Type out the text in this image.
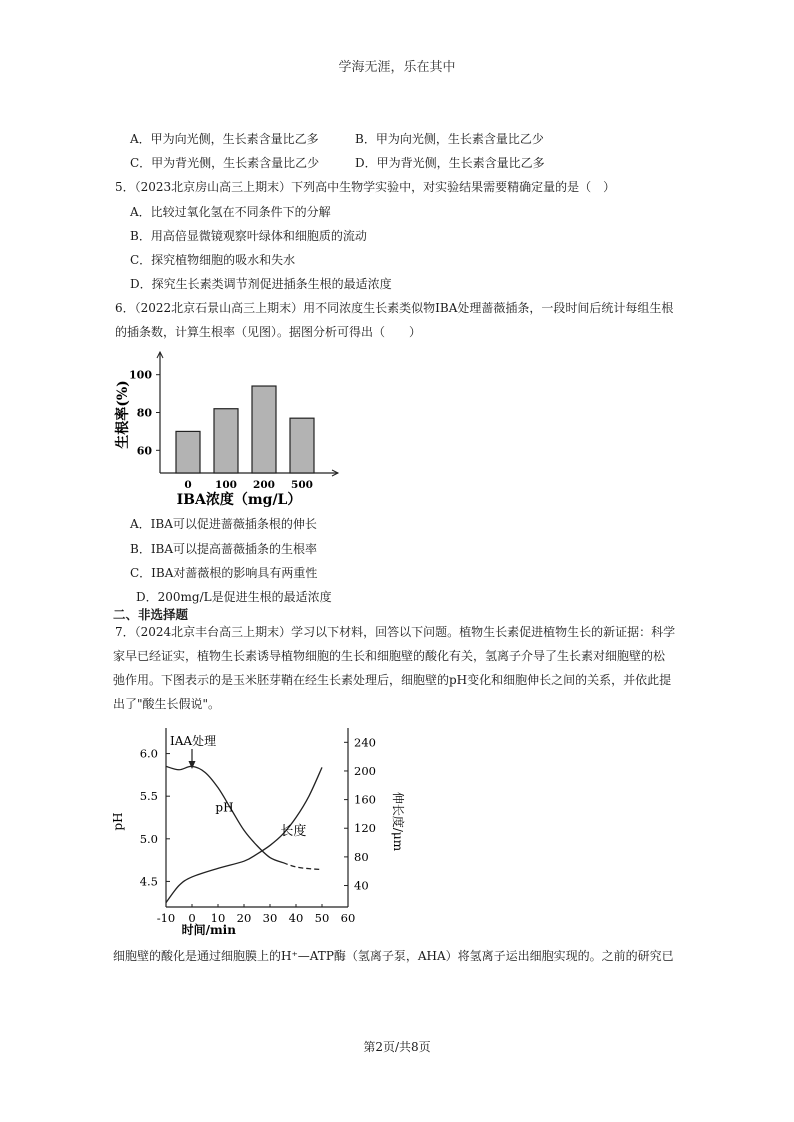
学海无涯，乐在其中
A．甲为向光侧，生长素含量比乙多	B．甲为向光侧，生长素含量比乙少
C．甲为背光侧，生长素含量比乙少	D．甲为背光侧，生长素含量比乙多
5．（2023北京房山高三上期末）下列高中生物学实验中，对实验结果需要精确定量的是（　）
A．比较过氧化氢在不同条件下的分解
B．用高倍显微镜观察叶绿体和细胞质的流动
C．探究植物细胞的吸水和失水
D．探究生长素类调节剂促进插条生根的最适浓度
6．（2022北京石景山高三上期末）用不同浓度生长素类似物IBA处理蔷薇插条，一段时间后统计每组生根
的插条数，计算生根率（见图）。据图分析可得出（　　）
60
80
100
0 100 200 500
生根率(%)
IBA浓度（mg/L）
A．IBA可以促进蔷薇插条根的伸长
B．IBA可以提高蔷薇插条的生根率
C．IBA对蔷薇根的影响具有两重性
D．200mg/L是促进生根的最适浓度
二、非选择题
7．（2024北京丰台高三上期末）学习以下材料，回答以下问题。植物生长素促进植物生长的新证据：科学
家早已经证实，植物生长素诱导植物细胞的生长和细胞壁的酸化有关，氢离子介导了生长素对细胞壁的松
弛作用。下图表示的是玉米胚芽鞘在经生长素处理后，细胞壁的pH变化和细胞伸长之间的关系，并依此提
出了"酸生长假说"。
4.5
5.0
5.5
6.0
40
80
120
160
200
240
-10 0 10 20 30 40 50 60
pH
长度
IAA处理
pH	伸长度/μm
时间/min
细胞壁的酸化是通过细胞膜上的H⁺—ATP酶（氢离子泵，AHA）将氢离子运出细胞实现的。之前的研究已
第2页/共8页
